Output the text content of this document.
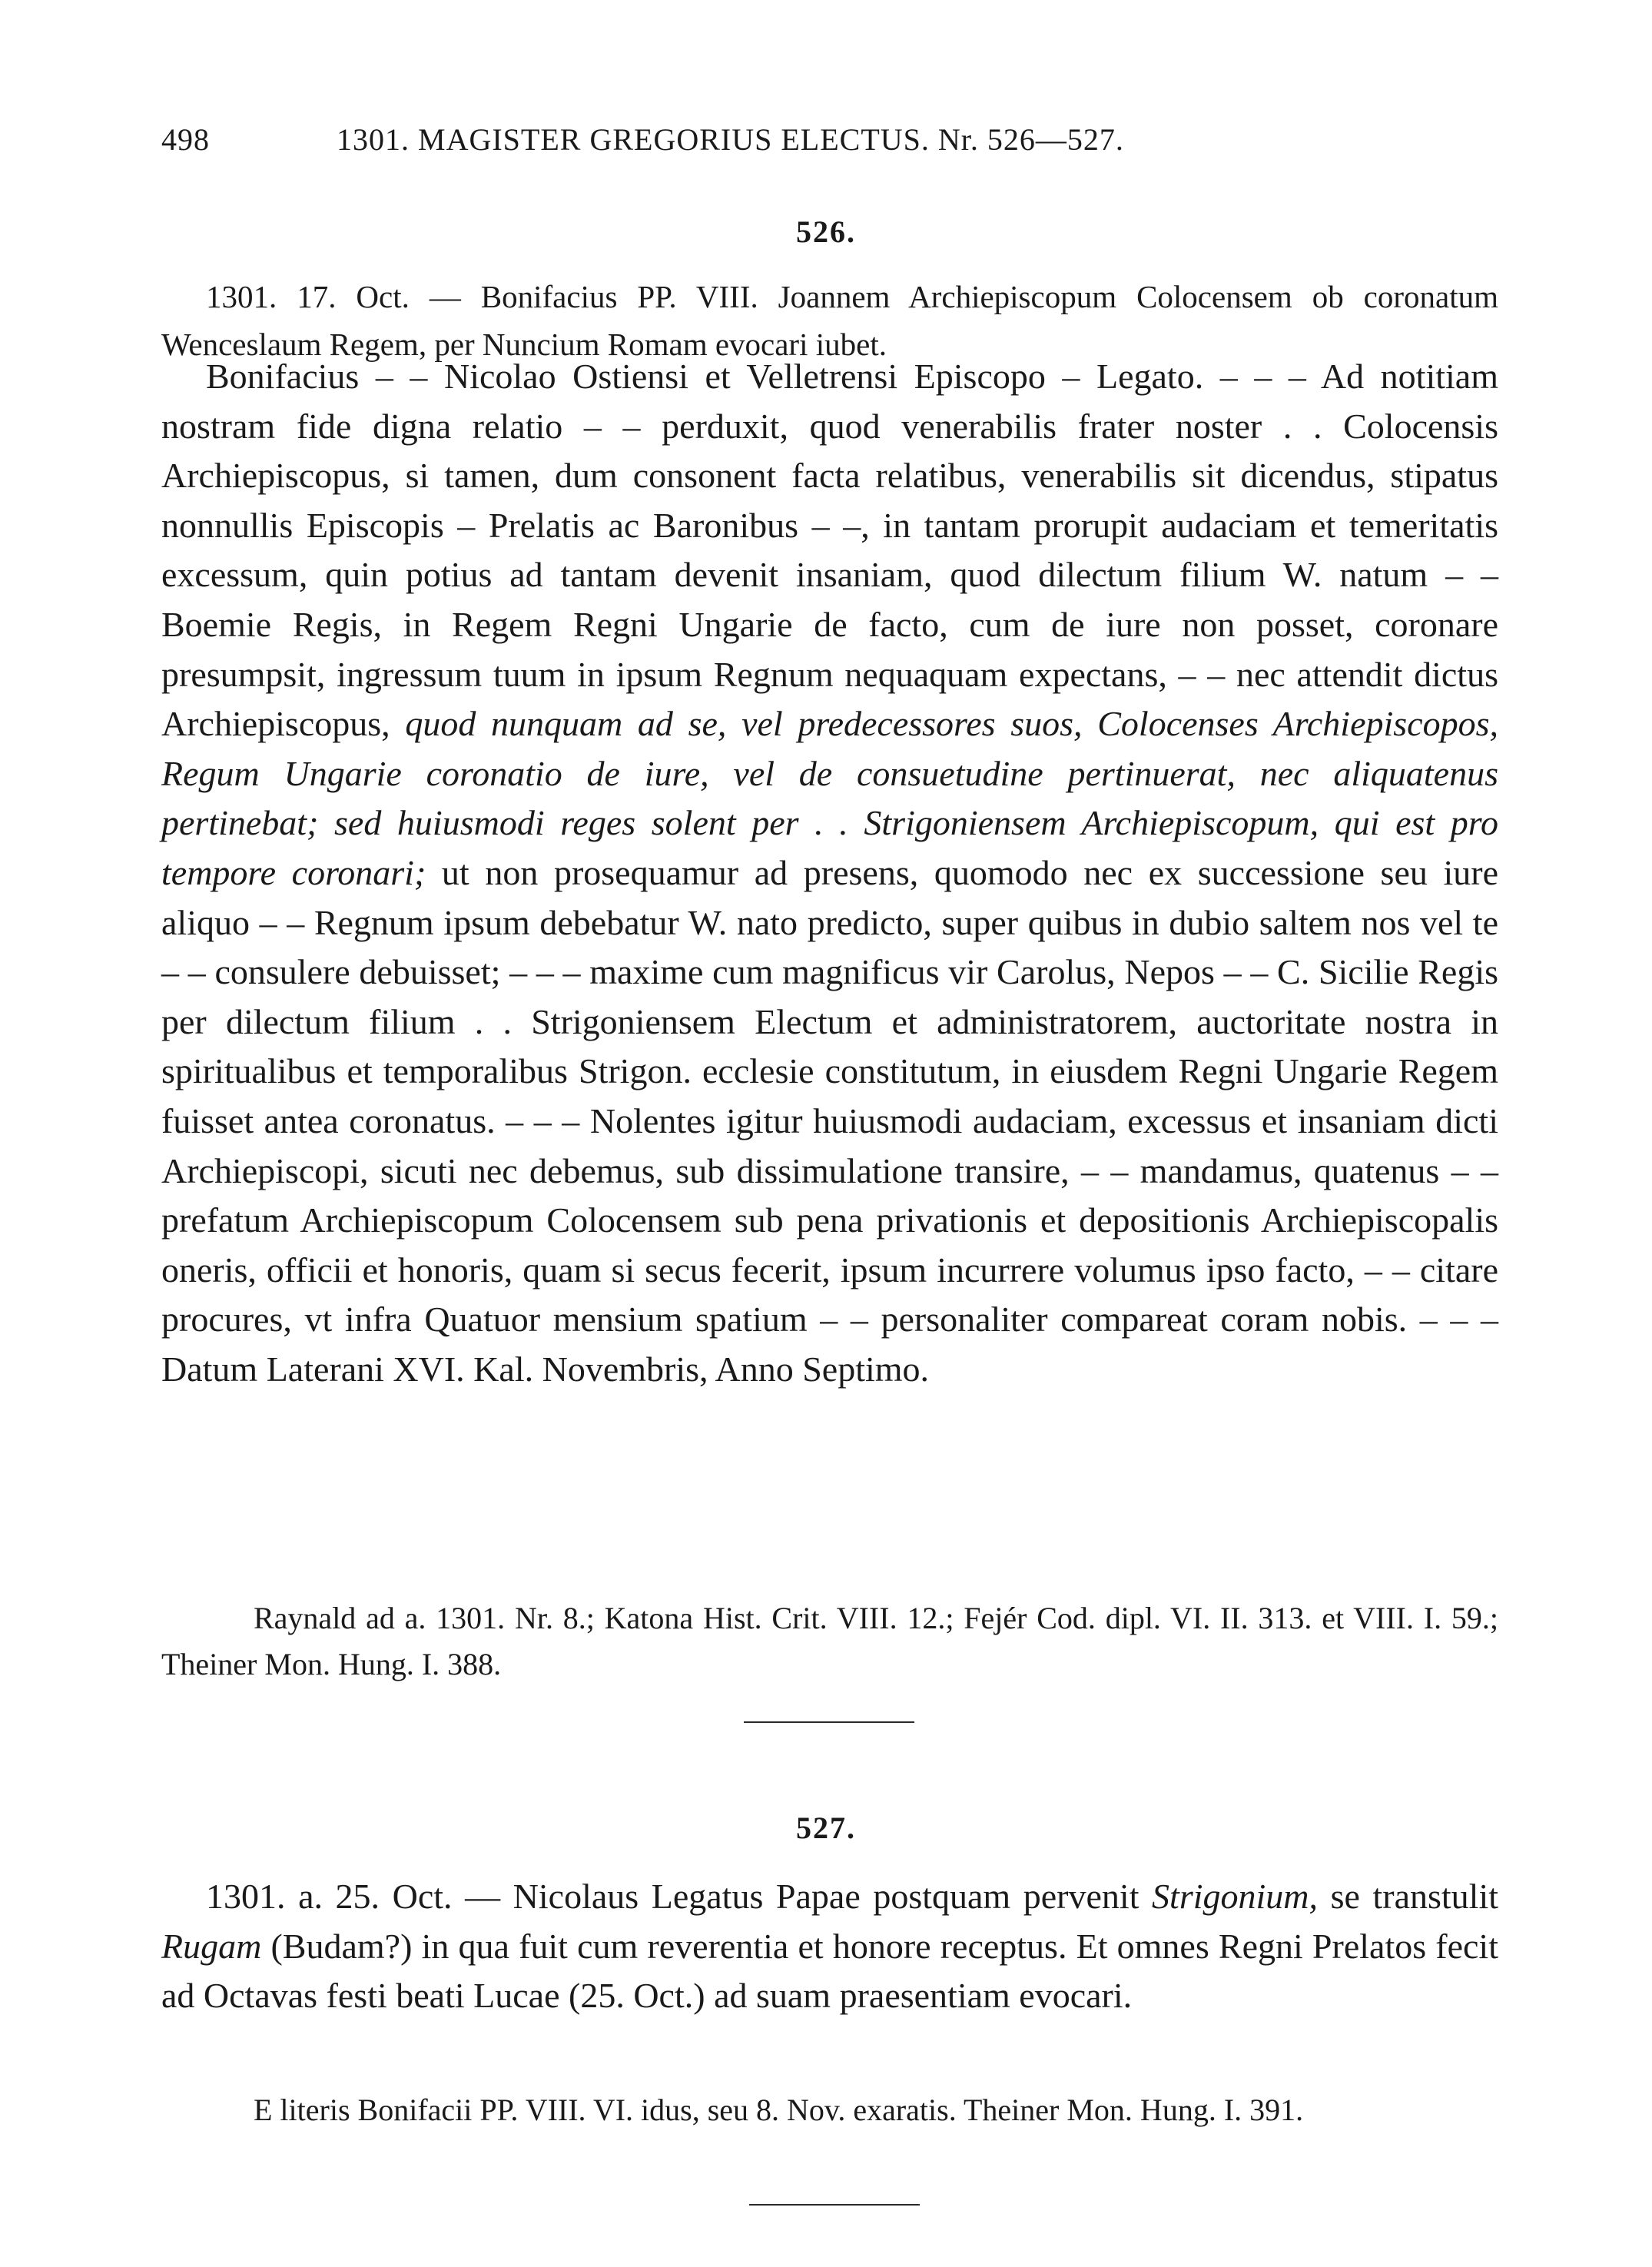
498	1301. MAGISTER GREGORIUS ELECTUS. Nr. 526—527.
526.
1301. 17. Oct. — Bonifacius PP. VIII. Joannem Archiepiscopum Colocensem ob coronatum Wenceslaum Regem, per Nuncium Romam evocari iubet.

Bonifacius – – Nicolao Ostiensi et Velletrensi Episcopo – Legato. – – – Ad notitiam nostram fide digna relatio – – perduxit, quod venerabilis frater noster . . Colocensis Archiepiscopus, si tamen, dum consonent facta relatibus, venerabilis sit dicendus, stipatus nonnullis Episcopis – Prelatis ac Baronibus – –, in tantam prorupit audaciam et temeritatis excessum, quin potius ad tantam devenit insaniam, quod dilectum filium W. natum – – Boemie Regis, in Regem Regni Ungarie de facto, cum de iure non posset, coronare presumpsit, ingressum tuum in ipsum Regnum nequaquam expectans, – – nec attendit dictus Archiepiscopus, quod nunquam ad se, vel predecessores suos, Colocenses Archiepiscopos, Regum Ungarie coronatio de iure, vel de consuetudine pertinuerat, nec aliquatenus pertinebat; sed huiusmodi reges solent per . . Strigoniensem Archiepiscopum, qui est pro tempore coronari; ut non prosequamur ad presens, quomodo nec ex successione seu iure aliquo – – Regnum ipsum debebatur W. nato predicto, super quibus in dubio saltem nos vel te – – consulere debuisset; – – – maxime cum magnificus vir Carolus, Nepos – – C. Sicilie Regis per dilectum filium . . Strigoniensem Electum et administratorem, auctoritate nostra in spiritualibus et temporalibus Strigon. ecclesie constitutum, in eiusdem Regni Ungarie Regem fuisset antea coronatus. – – – Nolentes igitur huiusmodi audaciam, excessus et insaniam dicti Archiepiscopi, sicuti nec debemus, sub dissimulatione transire, – – mandamus, quatenus – – prefatum Archiepiscopum Colocensem sub pena privationis et depositionis Archiepiscopalis oneris, officii et honoris, quam si secus fecerit, ipsum incurrere volumus ipso facto, – – citare procures, vt infra Quatuor mensium spatium – – personaliter compareat coram nobis. – – – Datum Laterani XVI. Kal. Novembris, Anno Septimo.

Raynald ad a. 1301. Nr. 8.; Katona Hist. Crit. VIII. 12.; Fejér Cod. dipl. VI. II. 313. et VIII. I. 59.; Theiner Mon. Hung. I. 388.
527.

1301. a. 25. Oct. — Nicolaus Legatus Papae postquam pervenit Strigonium, se transtulit Rugam (Budam?) in qua fuit cum reverentia et honore receptus. Et omnes Regni Prelatos fecit ad Octavas festi beati Lucae (25. Oct.) ad suam praesentiam evocari.

E literis Bonifacii PP. VIII. VI. idus, seu 8. Nov. exaratis. Theiner Mon. Hung. I. 391.
